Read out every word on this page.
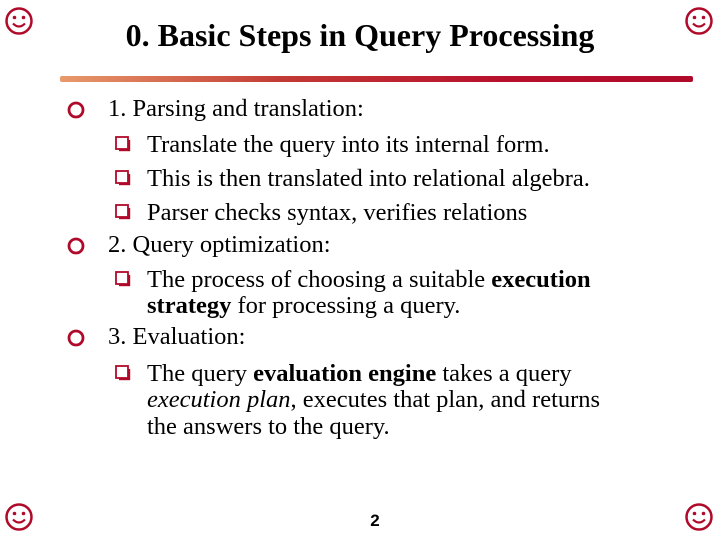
0. Basic Steps in Query Processing
1. Parsing and translation:
Translate the query into its internal form.
This is then translated into relational algebra.
Parser checks syntax, verifies relations
2. Query optimization:
The process of choosing a suitable execution
strategy for processing a query.
3. Evaluation:
The query evaluation engine takes a query
execution plan, executes that plan, and returns
the answers to the query.
2
